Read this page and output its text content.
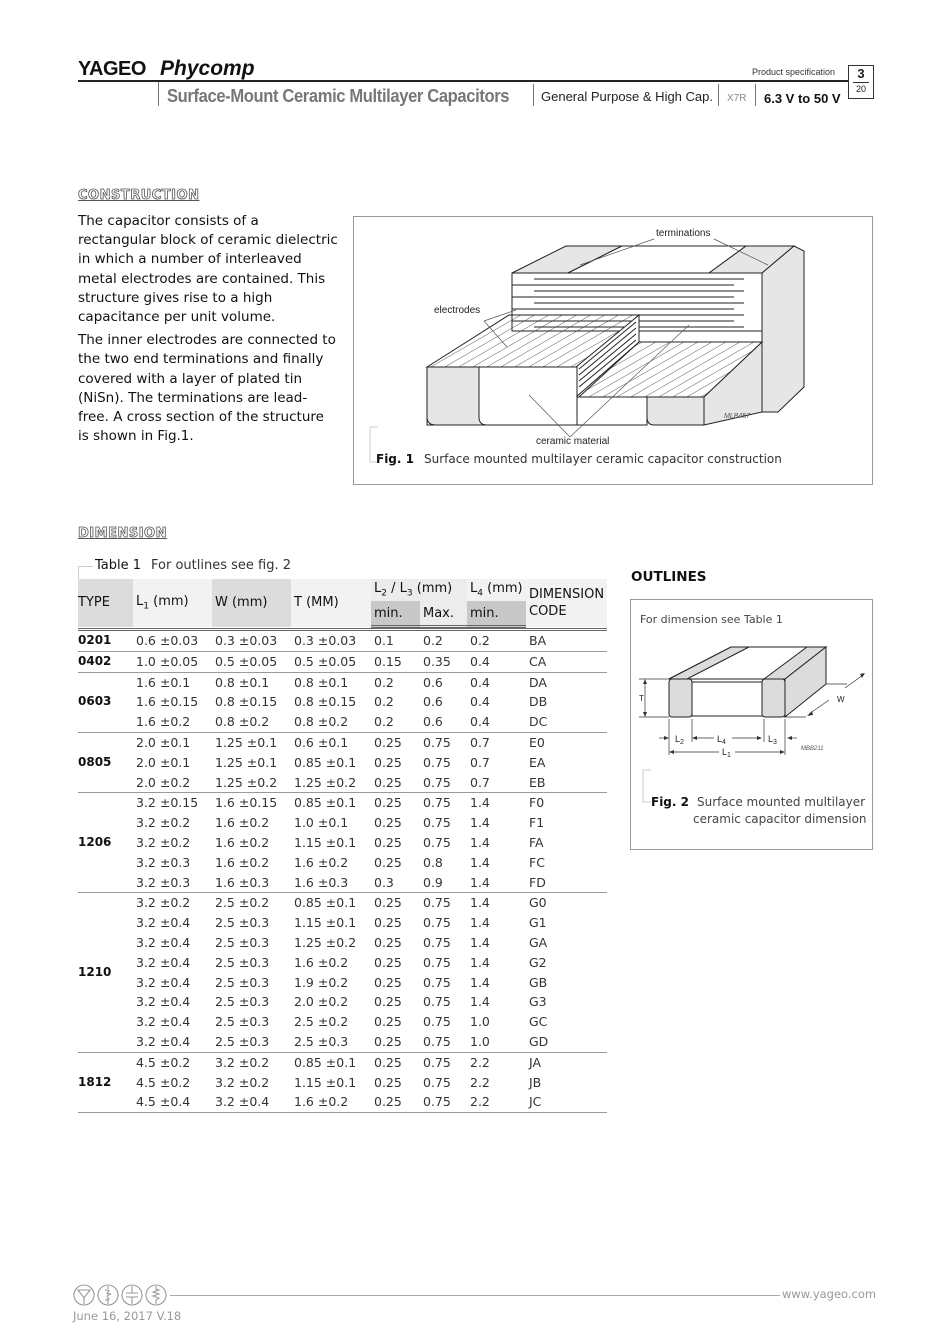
YAGEO Phycomp	Product specification	3
20
Surface-Mount Ceramic Multilayer Capacitors General Purpose & High Cap. X7R 6.3 V to 50 V
CONSTRUCTION

The capacitor consists of a rectangular block of ceramic dielectric in which a number of interleaved metal electrodes are contained. This structure gives rise to a high capacitance per unit volume.

The inner electrodes are connected to the two end terminations and finally covered with a layer of plated tin (NiSn). The terminations are lead-free. A cross section of the structure is shown in Fig.1.

terminations
electrodes
ceramic material
MLB457
Fig. 1 Surface mounted multilayer ceramic capacitor construction
DIMENSION
Table 1 For outlines see fig. 2
TYPE	$L_1$ (mm)	W (mm)	T (MM)	$L_2 / L_3$ (mm)		$L_4$ (mm)	DIMENSION
CODE
				min.	Max.	min.	

0201	0.6 ±0.03	0.3 ±0.03	0.3 ±0.03	0.1	0.2	0.2	BA
0402	1.0 ±0.05	0.5 ±0.05	0.5 ±0.05	0.15	0.35	0.4	CA
0603	1.6 ±0.1	0.8 ±0.1	0.8 ±0.1	0.2	0.6	0.4	DA
	1.6 ±0.15	0.8 ±0.15	0.8 ±0.15	0.2	0.6	0.4	DB
	1.6 ±0.2	0.8 ±0.2	0.8 ±0.2	0.2	0.6	0.4	DC
0805	2.0 ±0.1	1.25 ±0.1	0.6 ±0.1	0.25	0.75	0.7	E0
	2.0 ±0.1	1.25 ±0.1	0.85 ±0.1	0.25	0.75	0.7	EA
	2.0 ±0.2	1.25 ±0.2	1.25 ±0.2	0.25	0.75	0.7	EB
1206	3.2 ±0.15	1.6 ±0.15	0.85 ±0.1	0.25	0.75	1.4	F0
	3.2 ±0.2	1.6 ±0.2	1.0 ±0.1	0.25	0.75	1.4	F1
	3.2 ±0.2	1.6 ±0.2	1.15 ±0.1	0.25	0.75	1.4	FA
	3.2 ±0.3	1.6 ±0.2	1.6 ±0.2	0.25	0.8	1.4	FC
	3.2 ±0.3	1.6 ±0.3	1.6 ±0.3	0.3	0.9	1.4	FD
1210	3.2 ±0.2	2.5 ±0.2	0.85 ±0.1	0.25	0.75	1.4	G0
	3.2 ±0.4	2.5 ±0.3	1.15 ±0.1	0.25	0.75	1.4	G1
	3.2 ±0.4	2.5 ±0.3	1.25 ±0.2	0.25	0.75	1.4	GA
	3.2 ±0.4	2.5 ±0.3	1.6 ±0.2	0.25	0.75	1.4	G2
	3.2 ±0.4	2.5 ±0.3	1.9 ±0.2	0.25	0.75	1.4	GB
	3.2 ±0.4	2.5 ±0.3	2.0 ±0.2	0.25	0.75	1.4	G3
	3.2 ±0.4	2.5 ±0.3	2.5 ±0.2	0.25	0.75	1.0	GC
	3.2 ±0.4	2.5 ±0.3	2.5 ±0.3	0.25	0.75	1.0	GD
1812	4.5 ±0.2	3.2 ±0.2	0.85 ±0.1	0.25	0.75	2.2	JA
	4.5 ±0.2	3.2 ±0.2	1.15 ±0.1	0.25	0.75	2.2	JB
	4.5 ±0.4	3.2 ±0.4	1.6 ±0.2	0.25	0.75	2.2	JC
OUTLINES
T	W
$L_2$	$L_4$	$L_3$
$L_1$
MBB211
For dimension see Table 1
Fig. 2 Surface mounted multilayer
ceramic capacitor dimension
www.yageo.com
June 16, 2017 V.18
